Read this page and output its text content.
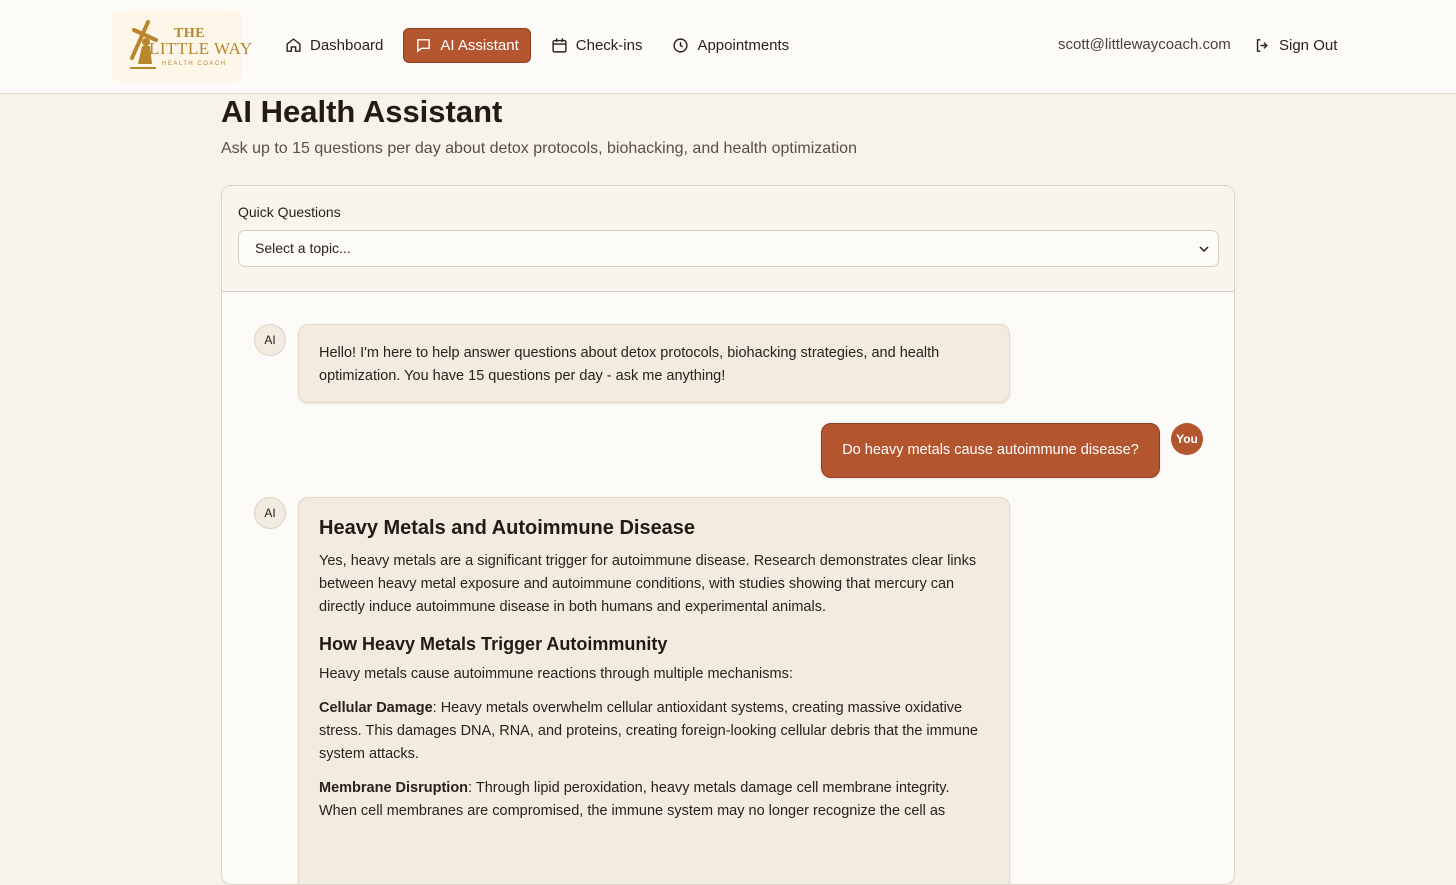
THE
LITTLE WAY
HEALTH COACH
Dashboard	AI Assistant	Check-ins	Appointments	scott@littlewaycoach.com	Sign Out
AI Health Assistant

Ask up to 15 questions per day about detox protocols, biohacking, and health optimization

Quick Questions
Select a topic...
AI
Hello! I'm here to help answer questions about detox protocols, biohacking strategies, and health optimization. You have 15 questions per day - ask me anything!
Do heavy metals cause autoimmune disease?
You
AI
Heavy Metals and Autoimmune Disease

Yes, heavy metals are a significant trigger for autoimmune disease. Research demonstrates clear links between heavy metal exposure and autoimmune conditions, with studies showing that mercury can directly induce autoimmune disease in both humans and experimental animals.

How Heavy Metals Trigger Autoimmunity

Heavy metals cause autoimmune reactions through multiple mechanisms:

Cellular Damage: Heavy metals overwhelm cellular antioxidant systems, creating massive oxidative stress. This damages DNA, RNA, and proteins, creating foreign-looking cellular debris that the immune system attacks.

Membrane Disruption: Through lipid peroxidation, heavy metals damage cell membrane integrity. When cell membranes are compromised, the immune system may no longer recognize the cell as
